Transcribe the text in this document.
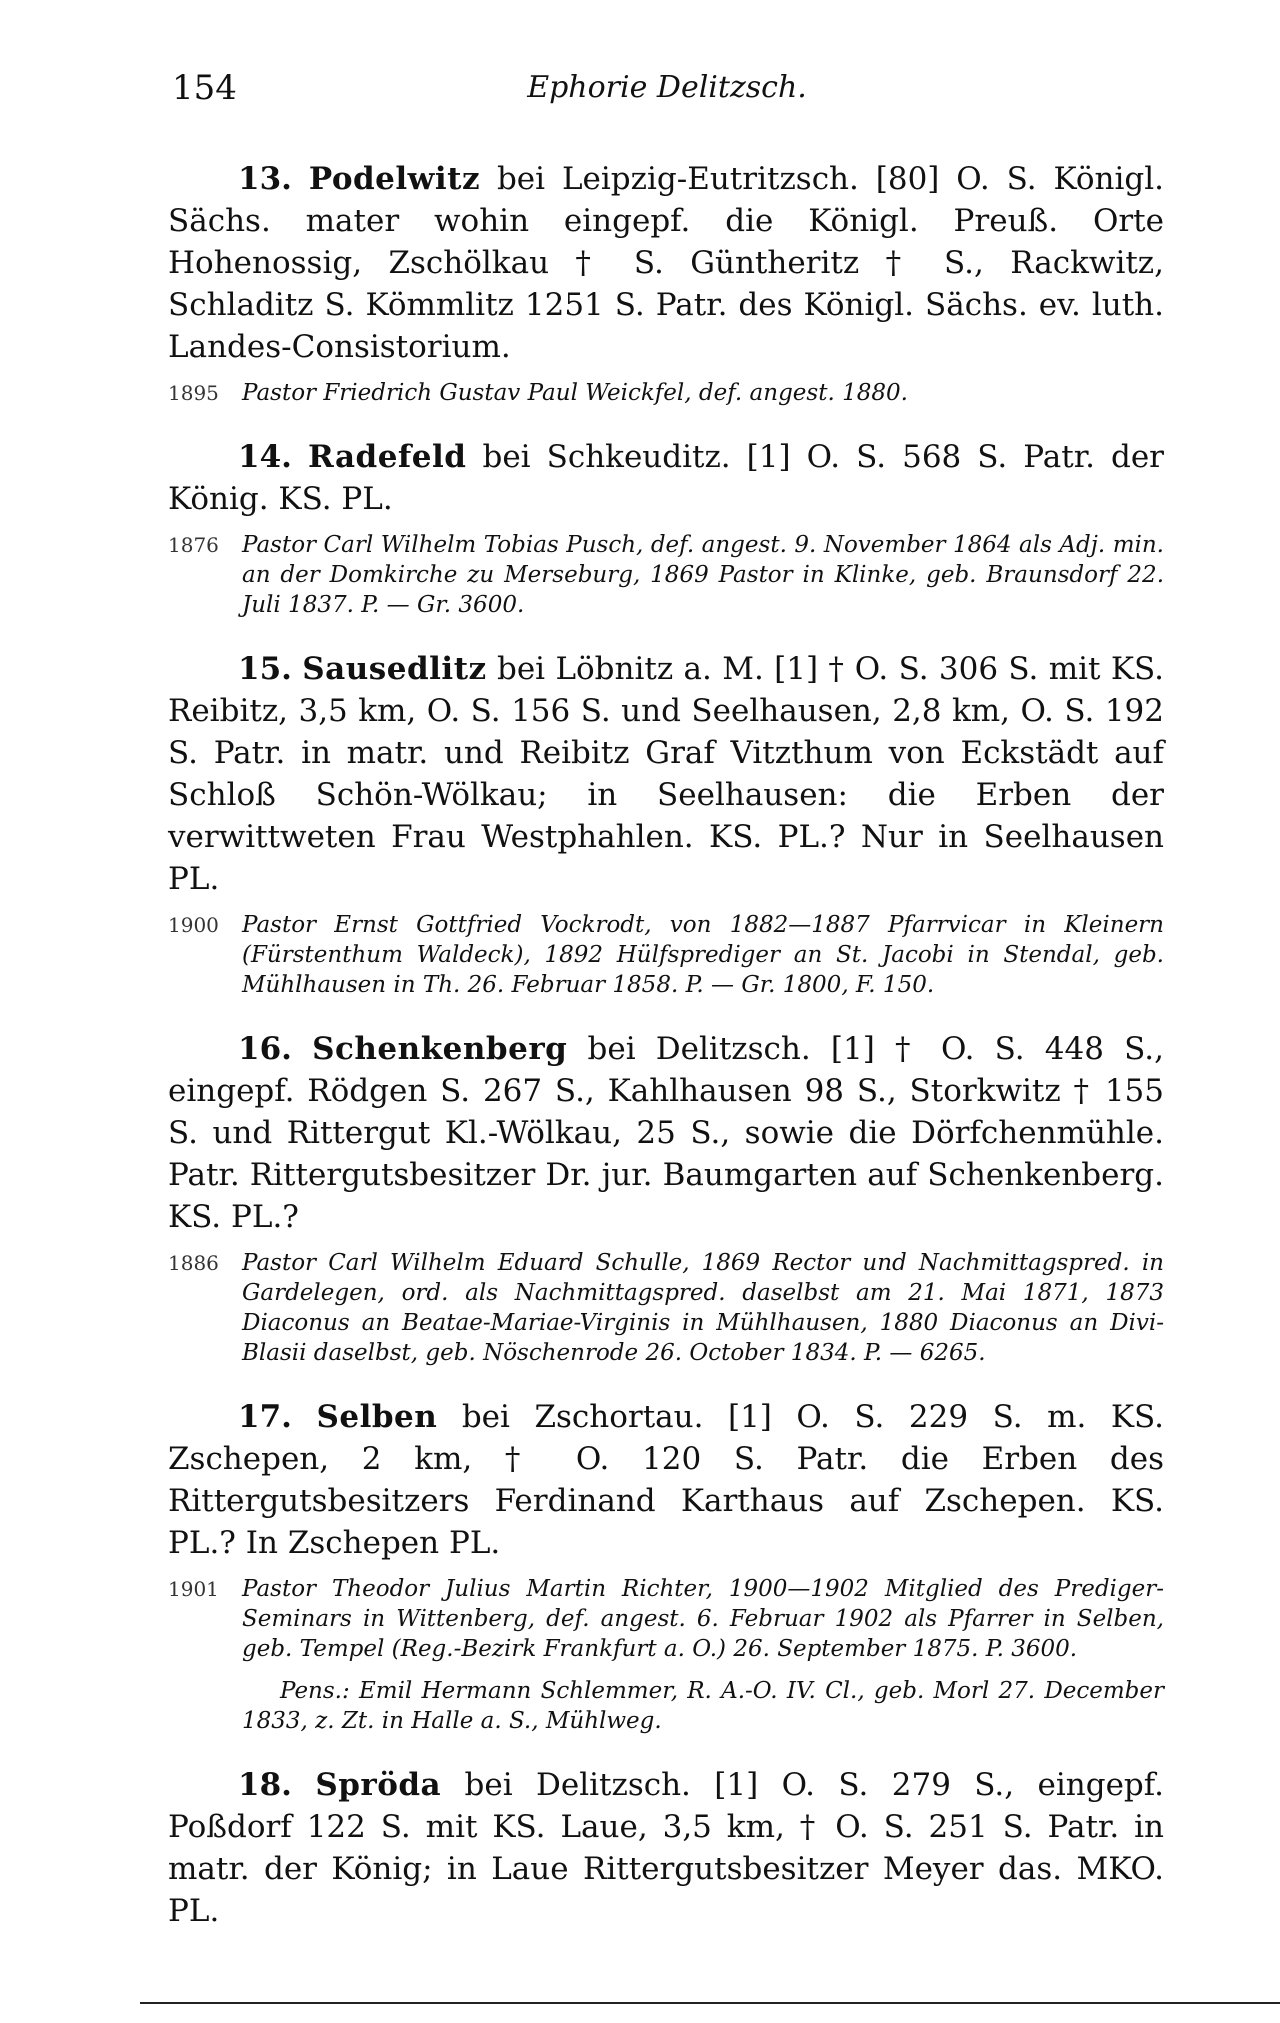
154	Ephorie Delitzsch.

13. Podelwitz bei Leipzig-Eutritzsch. [80] O. S. Königl. Sächs. mater wohin eingepf. die Königl. Preuß. Orte Hohenossig, Zschölkau † S. Güntheritz † S., Rackwitz, Schladitz S. Kömmlitz 1251 S. Patr. des Königl. Sächs. ev. luth. Landes-Consistorium.

1895	Pastor Friedrich Gustav Paul Weickfel, def. angest. 1880.

14. Radefeld bei Schkeuditz. [1] O. S. 568 S. Patr. der König. KS. PL.

1876	Pastor Carl Wilhelm Tobias Pusch, def. angest. 9. November 1864 als Adj. min. an der Domkirche zu Merseburg, 1869 Pastor in Klinke, geb. Braunsdorf 22. Juli 1837. P. — Gr. 3600.

15. Sausedlitz bei Löbnitz a. M. [1] † O. S. 306 S. mit KS. Reibitz, 3,5 km, O. S. 156 S. und Seelhausen, 2,8 km, O. S. 192 S. Patr. in matr. und Reibitz Graf Vitzthum von Eckstädt auf Schloß Schön-Wölkau; in Seelhausen: die Erben der verwittweten Frau Westphahlen. KS. PL.? Nur in Seelhausen PL.

1900	Pastor Ernst Gottfried Vockrodt, von 1882—1887 Pfarrvicar in Kleinern (Fürstenthum Waldeck), 1892 Hülfsprediger an St. Jacobi in Stendal, geb. Mühlhausen in Th. 26. Februar 1858. P. — Gr. 1800, F. 150.

16. Schenkenberg bei Delitzsch. [1] † O. S. 448 S., eingepf. Rödgen S. 267 S., Kahlhausen 98 S., Storkwitz † 155 S. und Rittergut Kl.-Wölkau, 25 S., sowie die Dörfchenmühle. Patr. Rittergutsbesitzer Dr. jur. Baumgarten auf Schenkenberg. KS. PL.?

1886	Pastor Carl Wilhelm Eduard Schulle, 1869 Rector und Nachmittagspred. in Gardelegen, ord. als Nachmittagspred. daselbst am 21. Mai 1871, 1873 Diaconus an Beatae-Mariae-Virginis in Mühlhausen, 1880 Diaconus an Divi-Blasii daselbst, geb. Nöschenrode 26. October 1834. P. — 6265.

17. Selben bei Zschortau. [1] O. S. 229 S. m. KS. Zschepen, 2 km, † O. 120 S. Patr. die Erben des Rittergutsbesitzers Ferdinand Karthaus auf Zschepen. KS. PL.? In Zschepen PL.

1901	Pastor Theodor Julius Martin Richter, 1900—1902 Mitglied des Prediger-Seminars in Wittenberg, def. angest. 6. Februar 1902 als Pfarrer in Selben, geb. Tempel (Reg.-Bezirk Frankfurt a. O.) 26. September 1875. P. 3600.
Pens.: Emil Hermann Schlemmer, R. A.-O. IV. Cl., geb. Morl 27. December 1833, z. Zt. in Halle a. S., Mühlweg.

18. Spröda bei Delitzsch. [1] O. S. 279 S., eingepf. Poßdorf 122 S. mit KS. Laue, 3,5 km, † O. S. 251 S. Patr. in matr. der König; in Laue Rittergutsbesitzer Meyer das. MKO. PL.
